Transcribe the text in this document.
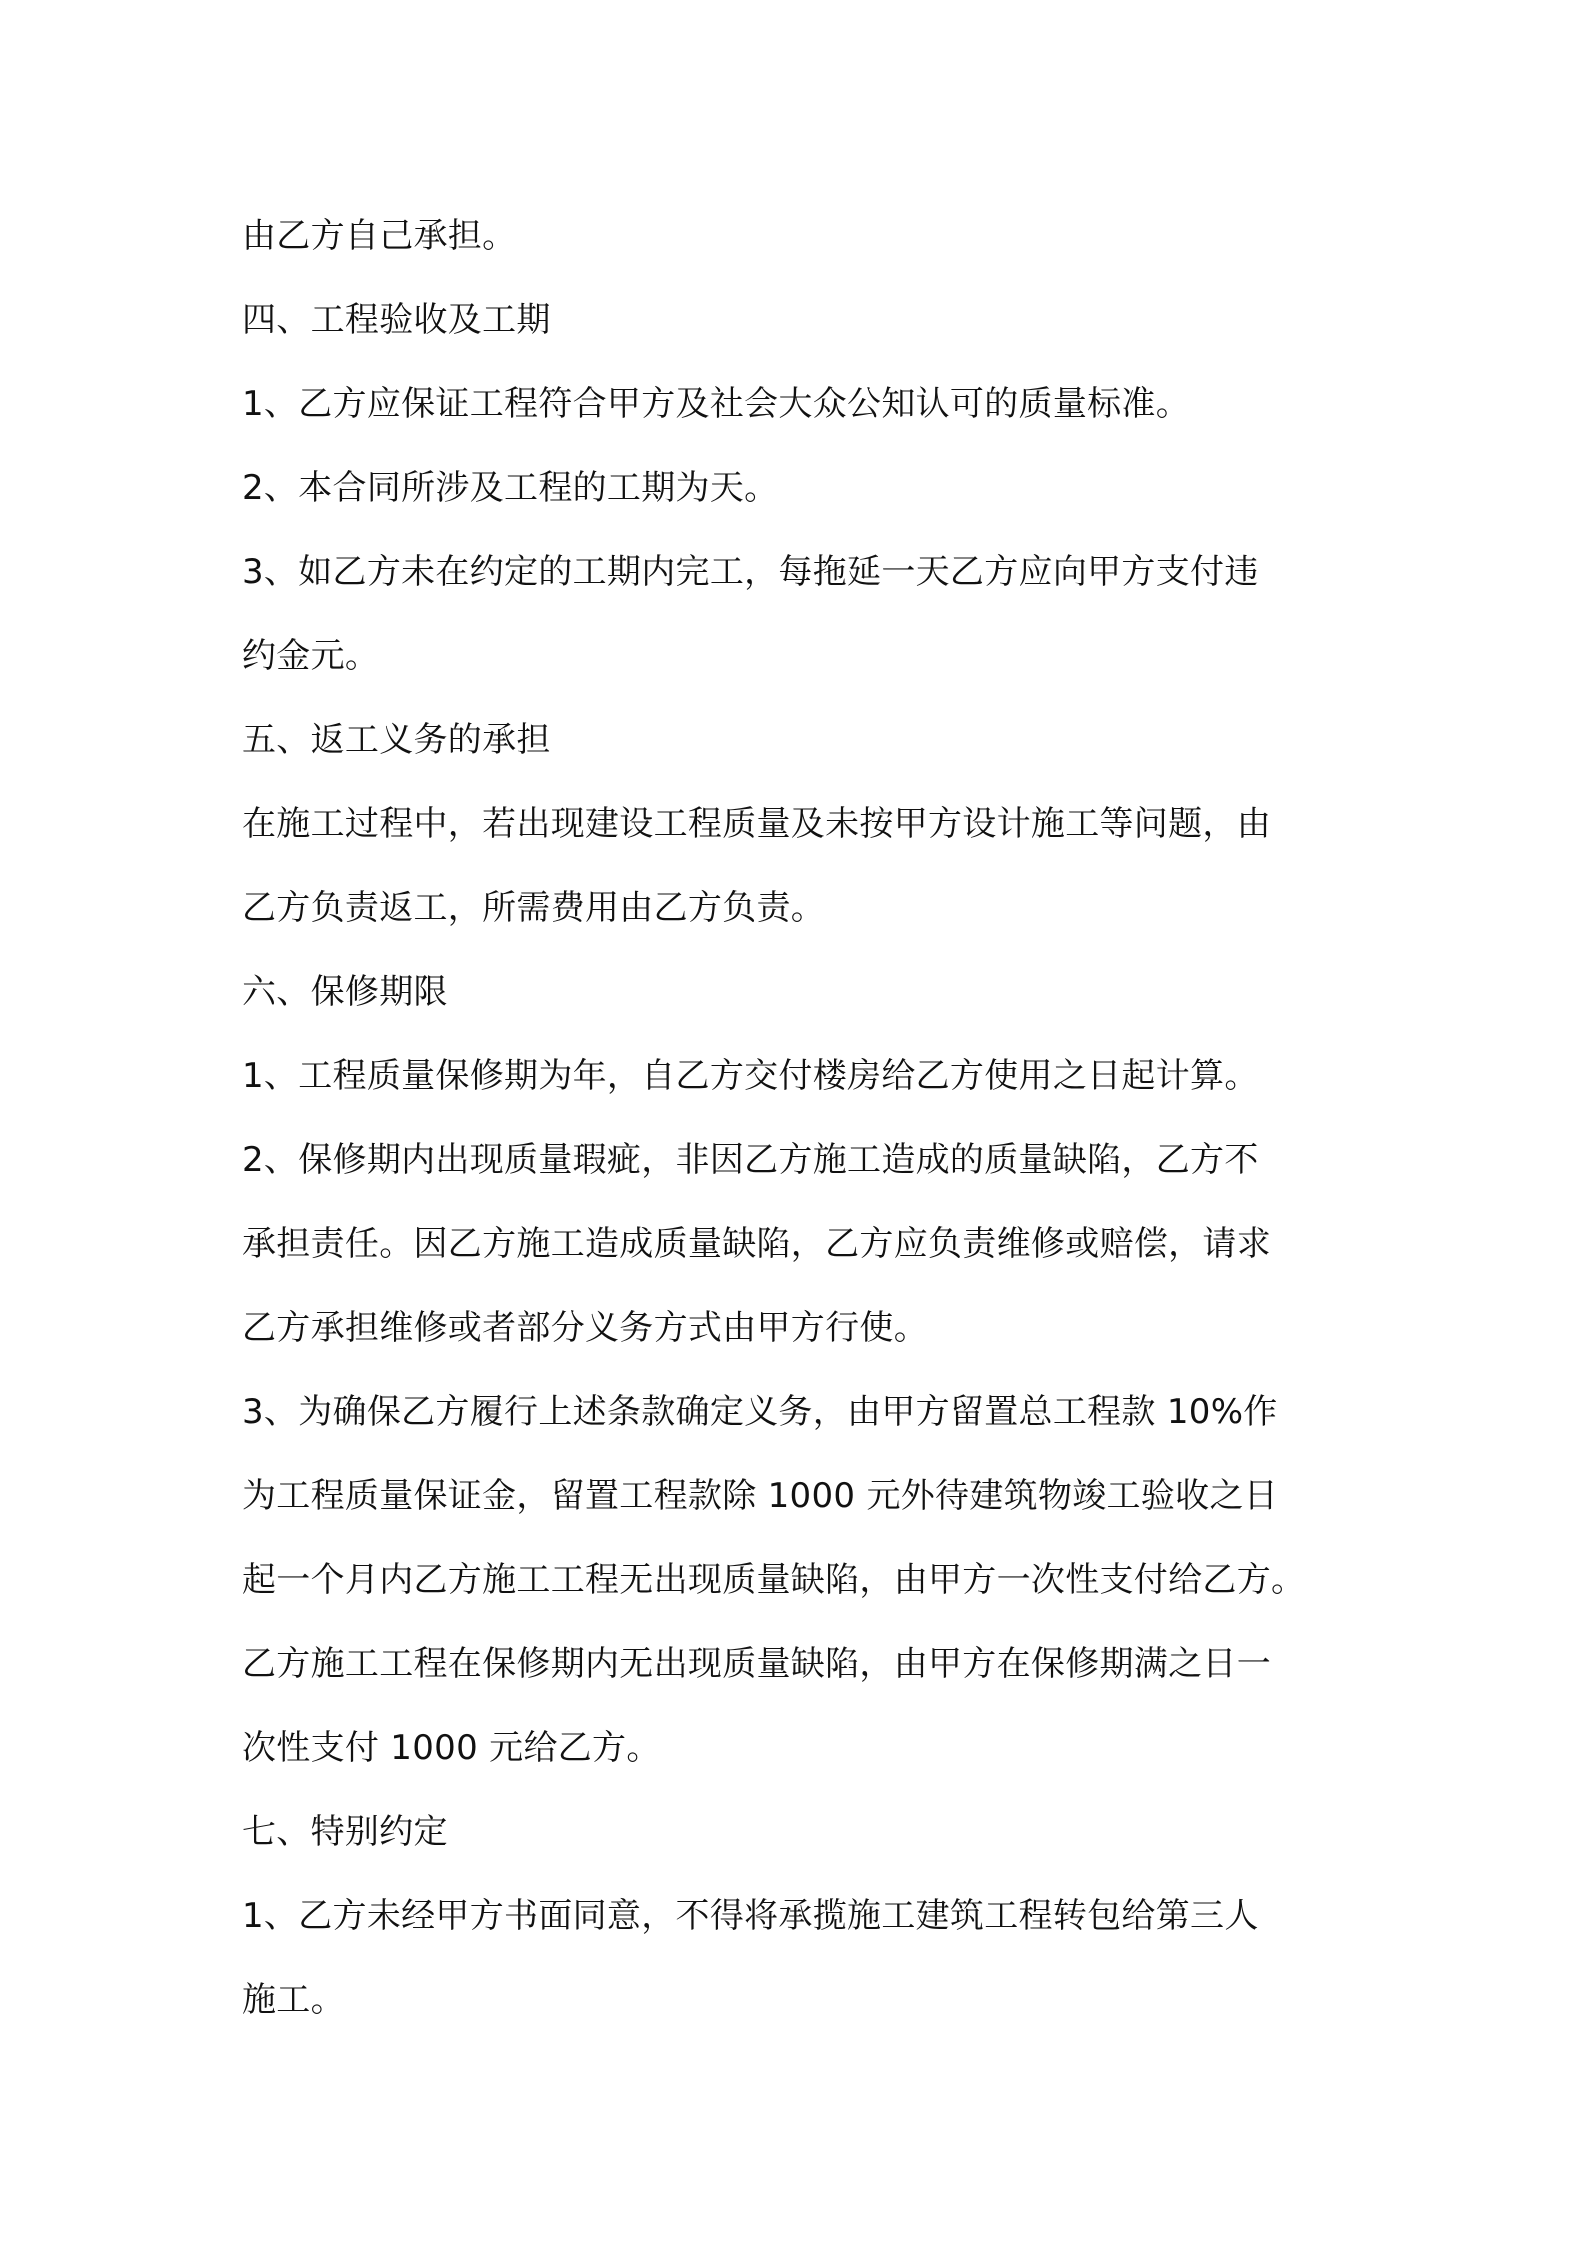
由乙方自己承担。
四、工程验收及工期
1、乙方应保证工程符合甲方及社会大众公知认可的质量标准。
2、本合同所涉及工程的工期为天。
3、如乙方未在约定的工期内完工，每拖延一天乙方应向甲方支付违
约金元。
五、返工义务的承担
在施工过程中，若出现建设工程质量及未按甲方设计施工等问题，由
乙方负责返工，所需费用由乙方负责。
六、保修期限
1、工程质量保修期为年，自乙方交付楼房给乙方使用之日起计算。
2、保修期内出现质量瑕疵，非因乙方施工造成的质量缺陷，乙方不
承担责任。因乙方施工造成质量缺陷，乙方应负责维修或赔偿，请求
乙方承担维修或者部分义务方式由甲方行使。
3、为确保乙方履行上述条款确定义务，由甲方留置总工程款 10%作
为工程质量保证金，留置工程款除 1000 元外待建筑物竣工验收之日
起一个月内乙方施工工程无出现质量缺陷，由甲方一次性支付给乙方。
乙方施工工程在保修期内无出现质量缺陷，由甲方在保修期满之日一
次性支付 1000 元给乙方。
七、特别约定
1、乙方未经甲方书面同意，不得将承揽施工建筑工程转包给第三人
施工。
